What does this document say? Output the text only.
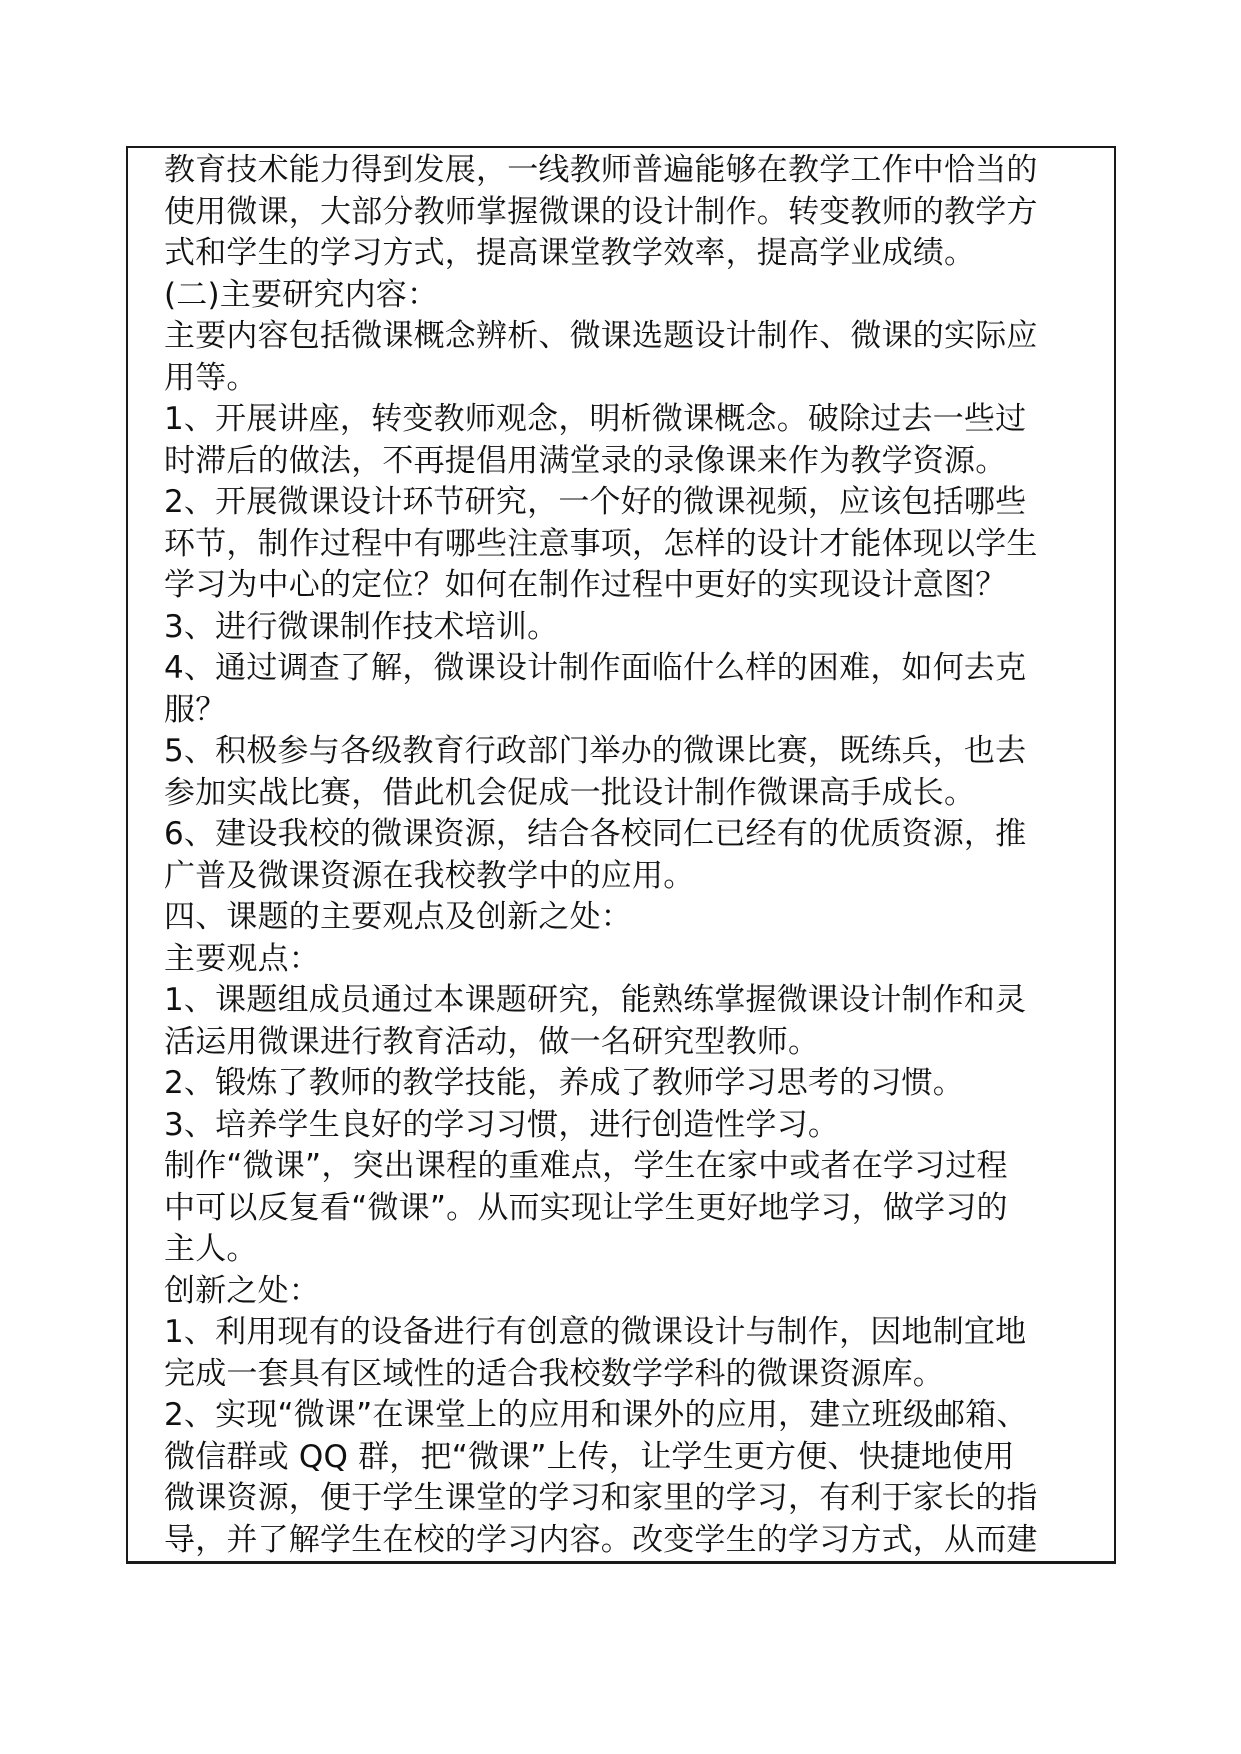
教育技术能力得到发展，一线教师普遍能够在教学工作中恰当的
使用微课，大部分教师掌握微课的设计制作。转变教师的教学方
式和学生的学习方式，提高课堂教学效率，提高学业成绩。
(二)主要研究内容：
主要内容包括微课概念辨析、微课选题设计制作、微课的实际应
用等。
1、开展讲座，转变教师观念，明析微课概念。破除过去一些过
时滞后的做法，不再提倡用满堂录的录像课来作为教学资源。
2、开展微课设计环节研究，一个好的微课视频，应该包括哪些
环节，制作过程中有哪些注意事项，怎样的设计才能体现以学生
学习为中心的定位？如何在制作过程中更好的实现设计意图？
3、进行微课制作技术培训。
4、通过调查了解，微课设计制作面临什么样的困难，如何去克
服？
5、积极参与各级教育行政部门举办的微课比赛，既练兵，也去
参加实战比赛，借此机会促成一批设计制作微课高手成长。
6、建设我校的微课资源，结合各校同仁已经有的优质资源，推
广普及微课资源在我校教学中的应用。
四、课题的主要观点及创新之处：
主要观点：
1、课题组成员通过本课题研究，能熟练掌握微课设计制作和灵
活运用微课进行教育活动，做一名研究型教师。
2、锻炼了教师的教学技能，养成了教师学习思考的习惯。
3、培养学生良好的学习习惯，进行创造性学习。
制作“微课”，突出课程的重难点，学生在家中或者在学习过程
中可以反复看“微课”。从而实现让学生更好地学习，做学习的
主人。
创新之处：
1、利用现有的设备进行有创意的微课设计与制作，因地制宜地
完成一套具有区域性的适合我校数学学科的微课资源库。
2、实现“微课”在课堂上的应用和课外的应用，建立班级邮箱、
微信群或 QQ 群，把“微课”上传，让学生更方便、快捷地使用
微课资源，便于学生课堂的学习和家里的学习，有利于家长的指
导，并了解学生在校的学习内容。改变学生的学习方式，从而建
